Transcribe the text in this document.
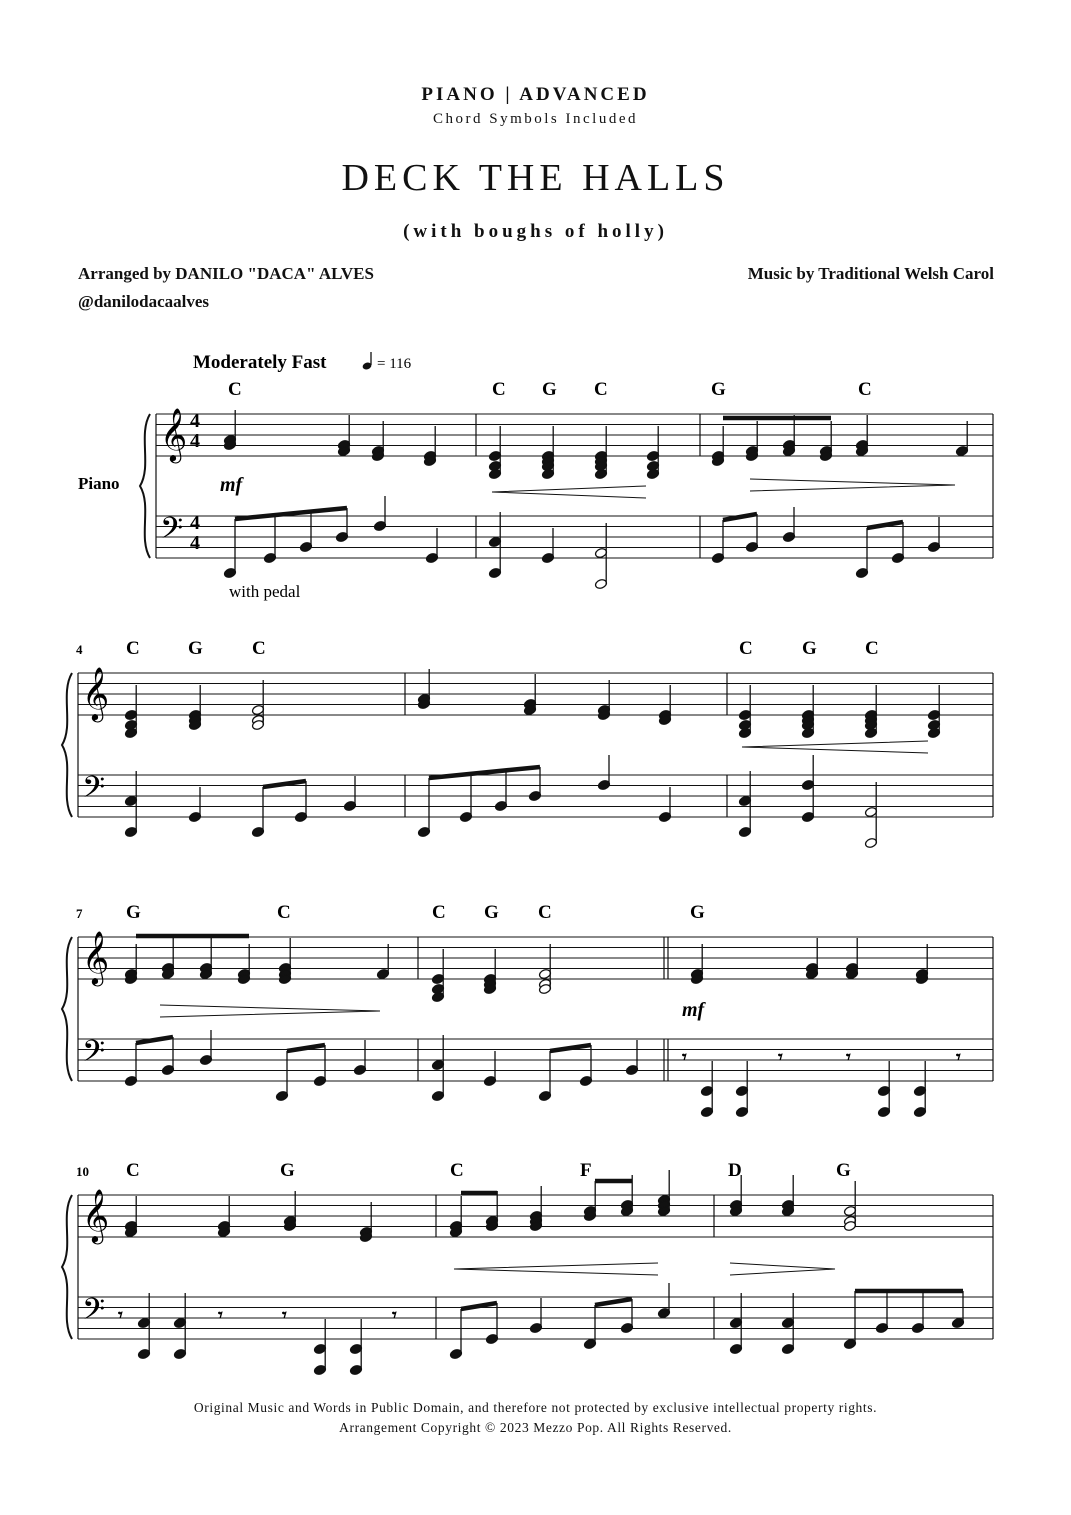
PIANO | ADVANCED
Chord Symbols Included
DECK THE HALLS
(with boughs of holly)
Arranged by DANILO "DACA" ALVES
@danilodacaalves
Music by Traditional Welsh Carol
Moderately Fast	= 116
Piano
with pedal
mf
mf
4
7
10
C	C G C	G	C
C	G	C	C	G	C
G	C	C G C	G
C	G	C	F	D	G
4
4
4
4
𝄞
𝄢
𝄞
𝄢
𝄞
𝄢
𝄞
𝄢
𝄾	𝄾	𝄾	𝄾
𝄾	𝄾	𝄾	𝄾
Original Music and Words in Public Domain, and therefore not protected by exclusive intellectual property rights.
Arrangement Copyright © 2023 Mezzo Pop. All Rights Reserved.
